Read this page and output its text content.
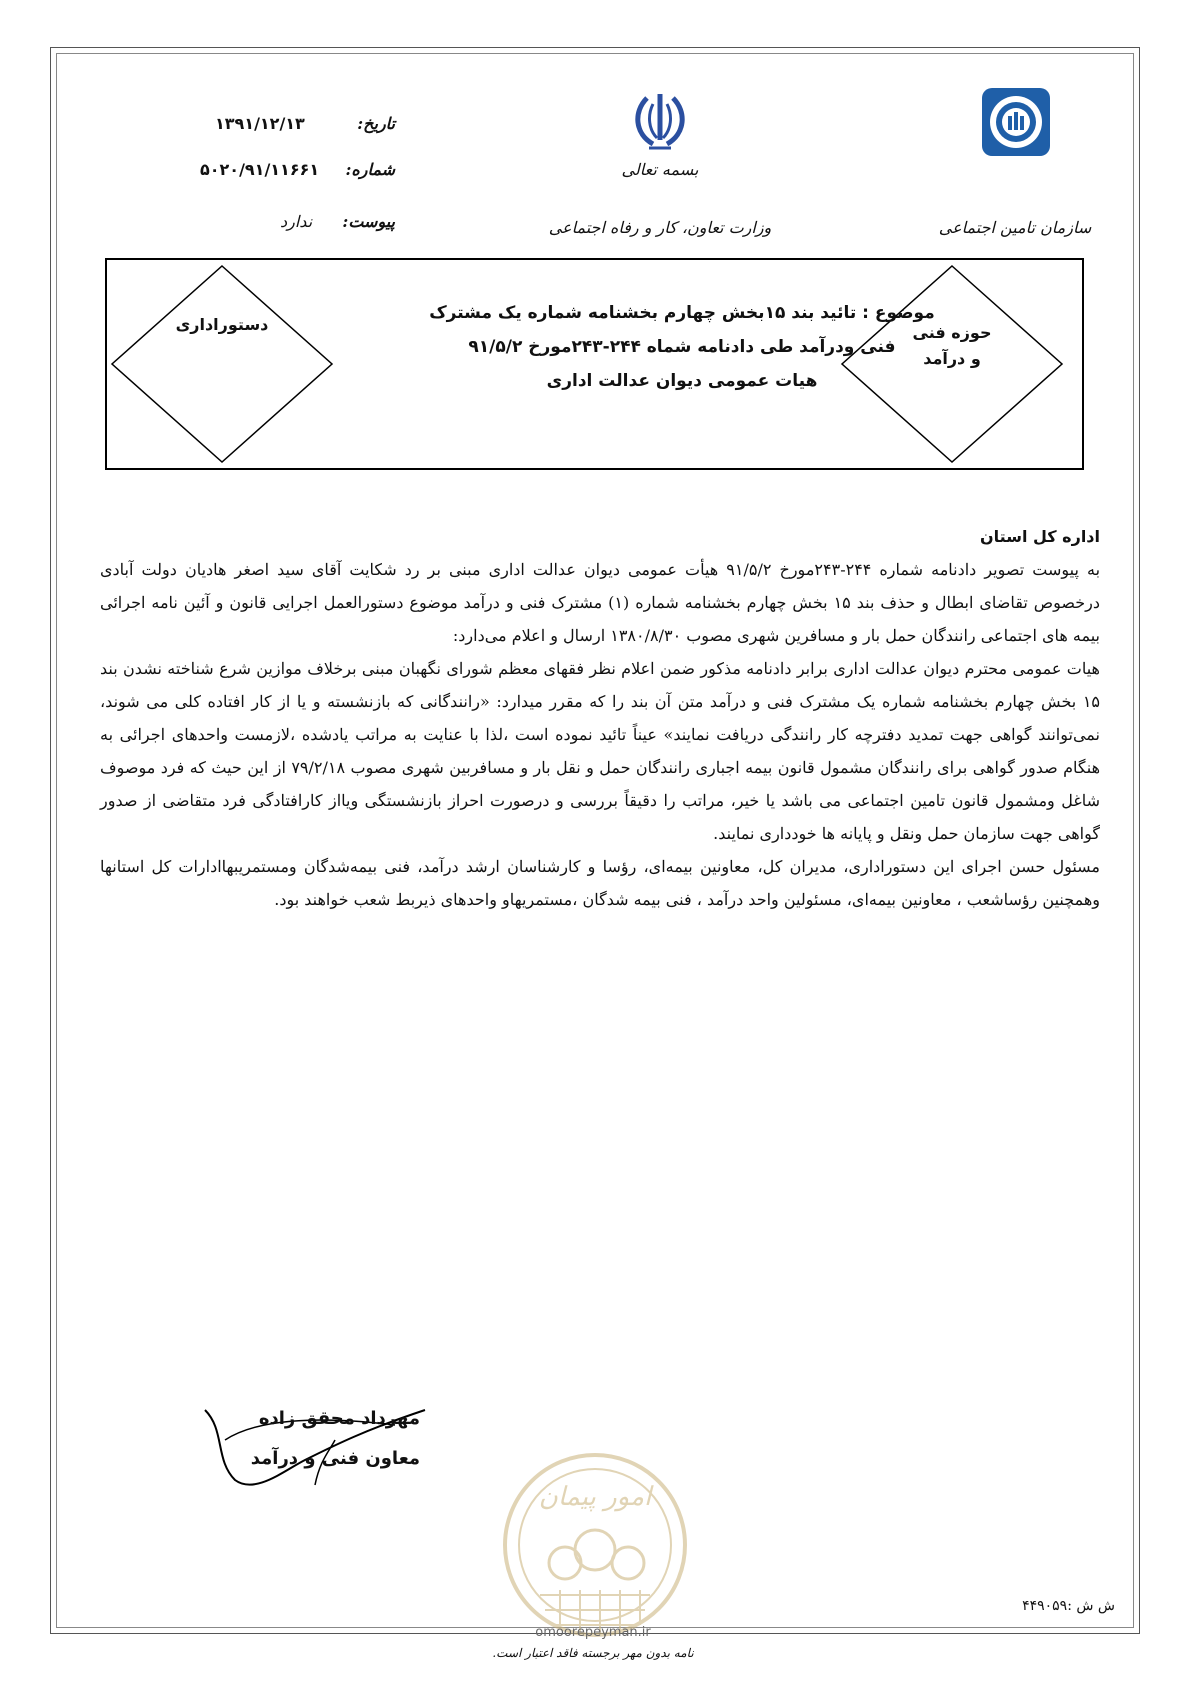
سازمان تامین اجتماعی
بسمه تعالی
وزارت تعاون، کار و رفاه اجتماعی
تاریخ:
۱۳۹۱/۱۲/۱۳
شماره:
۵۰۲۰/۹۱/۱۱۶۶۱
پیوست:
ندارد
دستوراداری	حوزه فنی
و درآمد
موضوع : تائید بند ۱۵بخش چهارم بخشنامه شماره یک مشترک
فنی ودرآمد طی دادنامه شماه ۲۴۴-۲۴۳مورخ ۹۱/۵/۲
هیات عمومی دیوان عدالت اداری

اداره کل استان

به پیوست تصویر دادنامه شماره ۲۴۴-۲۴۳مورخ ۹۱/۵/۲ هیأت عمومی دیوان عدالت اداری مبنی بر رد شکایت آقای سید اصغر هادیان دولت آبادی درخصوص تقاضای ابطال و حذف بند ۱۵ بخش چهارم بخشنامه شماره (۱) مشترک فنی و درآمد موضوع دستورالعمل اجرایی قانون و آئین نامه اجرائی بیمه های اجتماعی رانندگان حمل بار و مسافرین شهری مصوب ۱۳۸۰/۸/۳۰ ارسال و اعلام می‌دارد:

هیات عمومی محترم دیوان عدالت اداری برابر دادنامه مذکور ضمن اعلام نظر فقهای معظم شورای نگهبان مبنی برخلاف موازین شرع شناخته نشدن بند ۱۵ بخش چهارم بخشنامه شماره یک مشترک فنی و درآمد متن آن بند را که مقرر میدارد: «رانندگانی که بازنشسته و یا از کار افتاده کلی می شوند، نمی‌توانند گواهی جهت تمدید دفترچه کار رانندگی دریافت نمایند» عیناً تائید نموده است ،لذا با عنایت به مراتب یادشده ،لازمست واحدهای اجرائی به هنگام صدور گواهی برای رانندگان مشمول قانون بیمه اجباری رانندگان حمل و نقل بار و مسافربین شهری مصوب ۷۹/۲/۱۸ از این حیث که فرد موصوف شاغل ومشمول قانون تامین اجتماعی می باشد یا خیر، مراتب را دقیقاً بررسی و درصورت احراز بازنشستگی ویااز کارافتادگی فرد متقاضی از صدور گواهی جهت سازمان حمل ونقل و پایانه ها خودداری نمایند.

مسئول حسن اجرای این دستوراداری، مدیران کل، معاونین بیمه‌ای، رؤسا و کارشناسان ارشد درآمد، فنی بیمه‌شدگان ومستمریبهاادارات کل استانها وهمچنین رؤساشعب ، معاونین بیمه‌ای، مسئولین واحد درآمد ، فنی بیمه شدگان ،مستمریهاو واحدهای ذیربط شعب خواهند بود.

مهرداد محقق زاده
معاون فنی و درآمد
امور پیمان
omoorepeyman.ir
نامه بدون مهر برجسته فاقد اعتبار است.
ش ش :۴۴۹۰۵۹
